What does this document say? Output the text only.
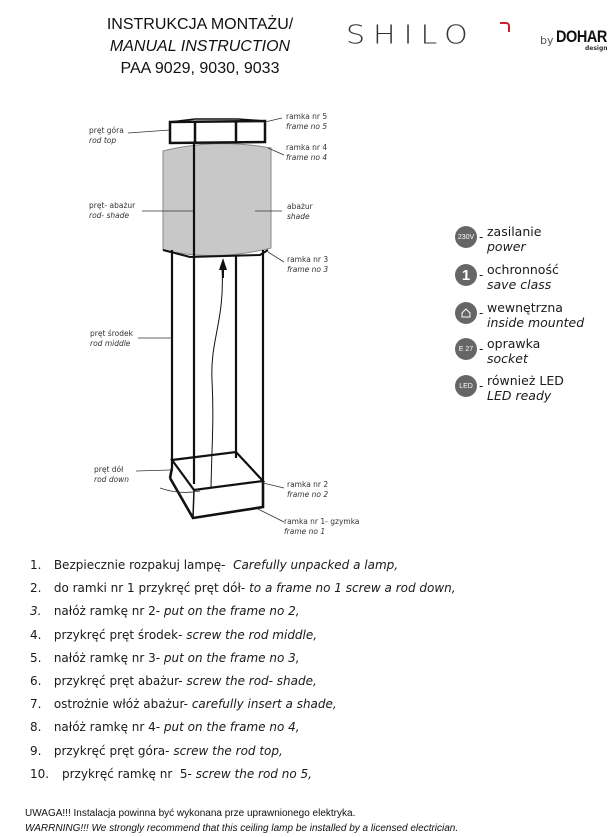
INSTRUKCJA MONTAŻU/
MANUAL INSTRUCTION
PAA 9029, 9030, 9033
SHILO	by DOHAR
design
pręt góra
rod top
ramka nr 5
frame no 5
ramka nr 4
frame no 4
pręt- abażur
rod- shade
abażur
shade
ramka nr 3
frame no 3
pręt środek
rod middle
pręt dół
rod down
ramka nr 2
frame no 2
ramka nr 1- gzymka
frame no 1
230V - zasilanie
power
1 - ochronność
save class
- wewnętrzna
inside mounted
E 27 - oprawka
socket
LED - również LED
LED ready
1. Bezpiecznie rozpakuj lampę- Carefully unpacked a lamp,
2. do ramki nr 1 przykręć pręt dół- to a frame no 1 screw a rod down,
3. nałóż ramkę nr 2- put on the frame no 2,
4. przykręć pręt środek- screw the rod middle,
5. nałóż ramkę nr 3- put on the frame no 3,
6. przykręć pręt abażur- screw the rod- shade,
7. ostrożnie włóż abażur- carefully insert a shade,
8. nałóż ramkę nr 4- put on the frame no 4,
9. przykręć pręt góra- screw the rod top,
10. przykręć ramkę nr  5- screw the rod no 5,
UWAGA!!! Instalacja powinna być wykonana prze uprawnionego elektryka.
WARRNING!!! We strongly recommend that this ceiling lamp be installed by a licensed electrician.
